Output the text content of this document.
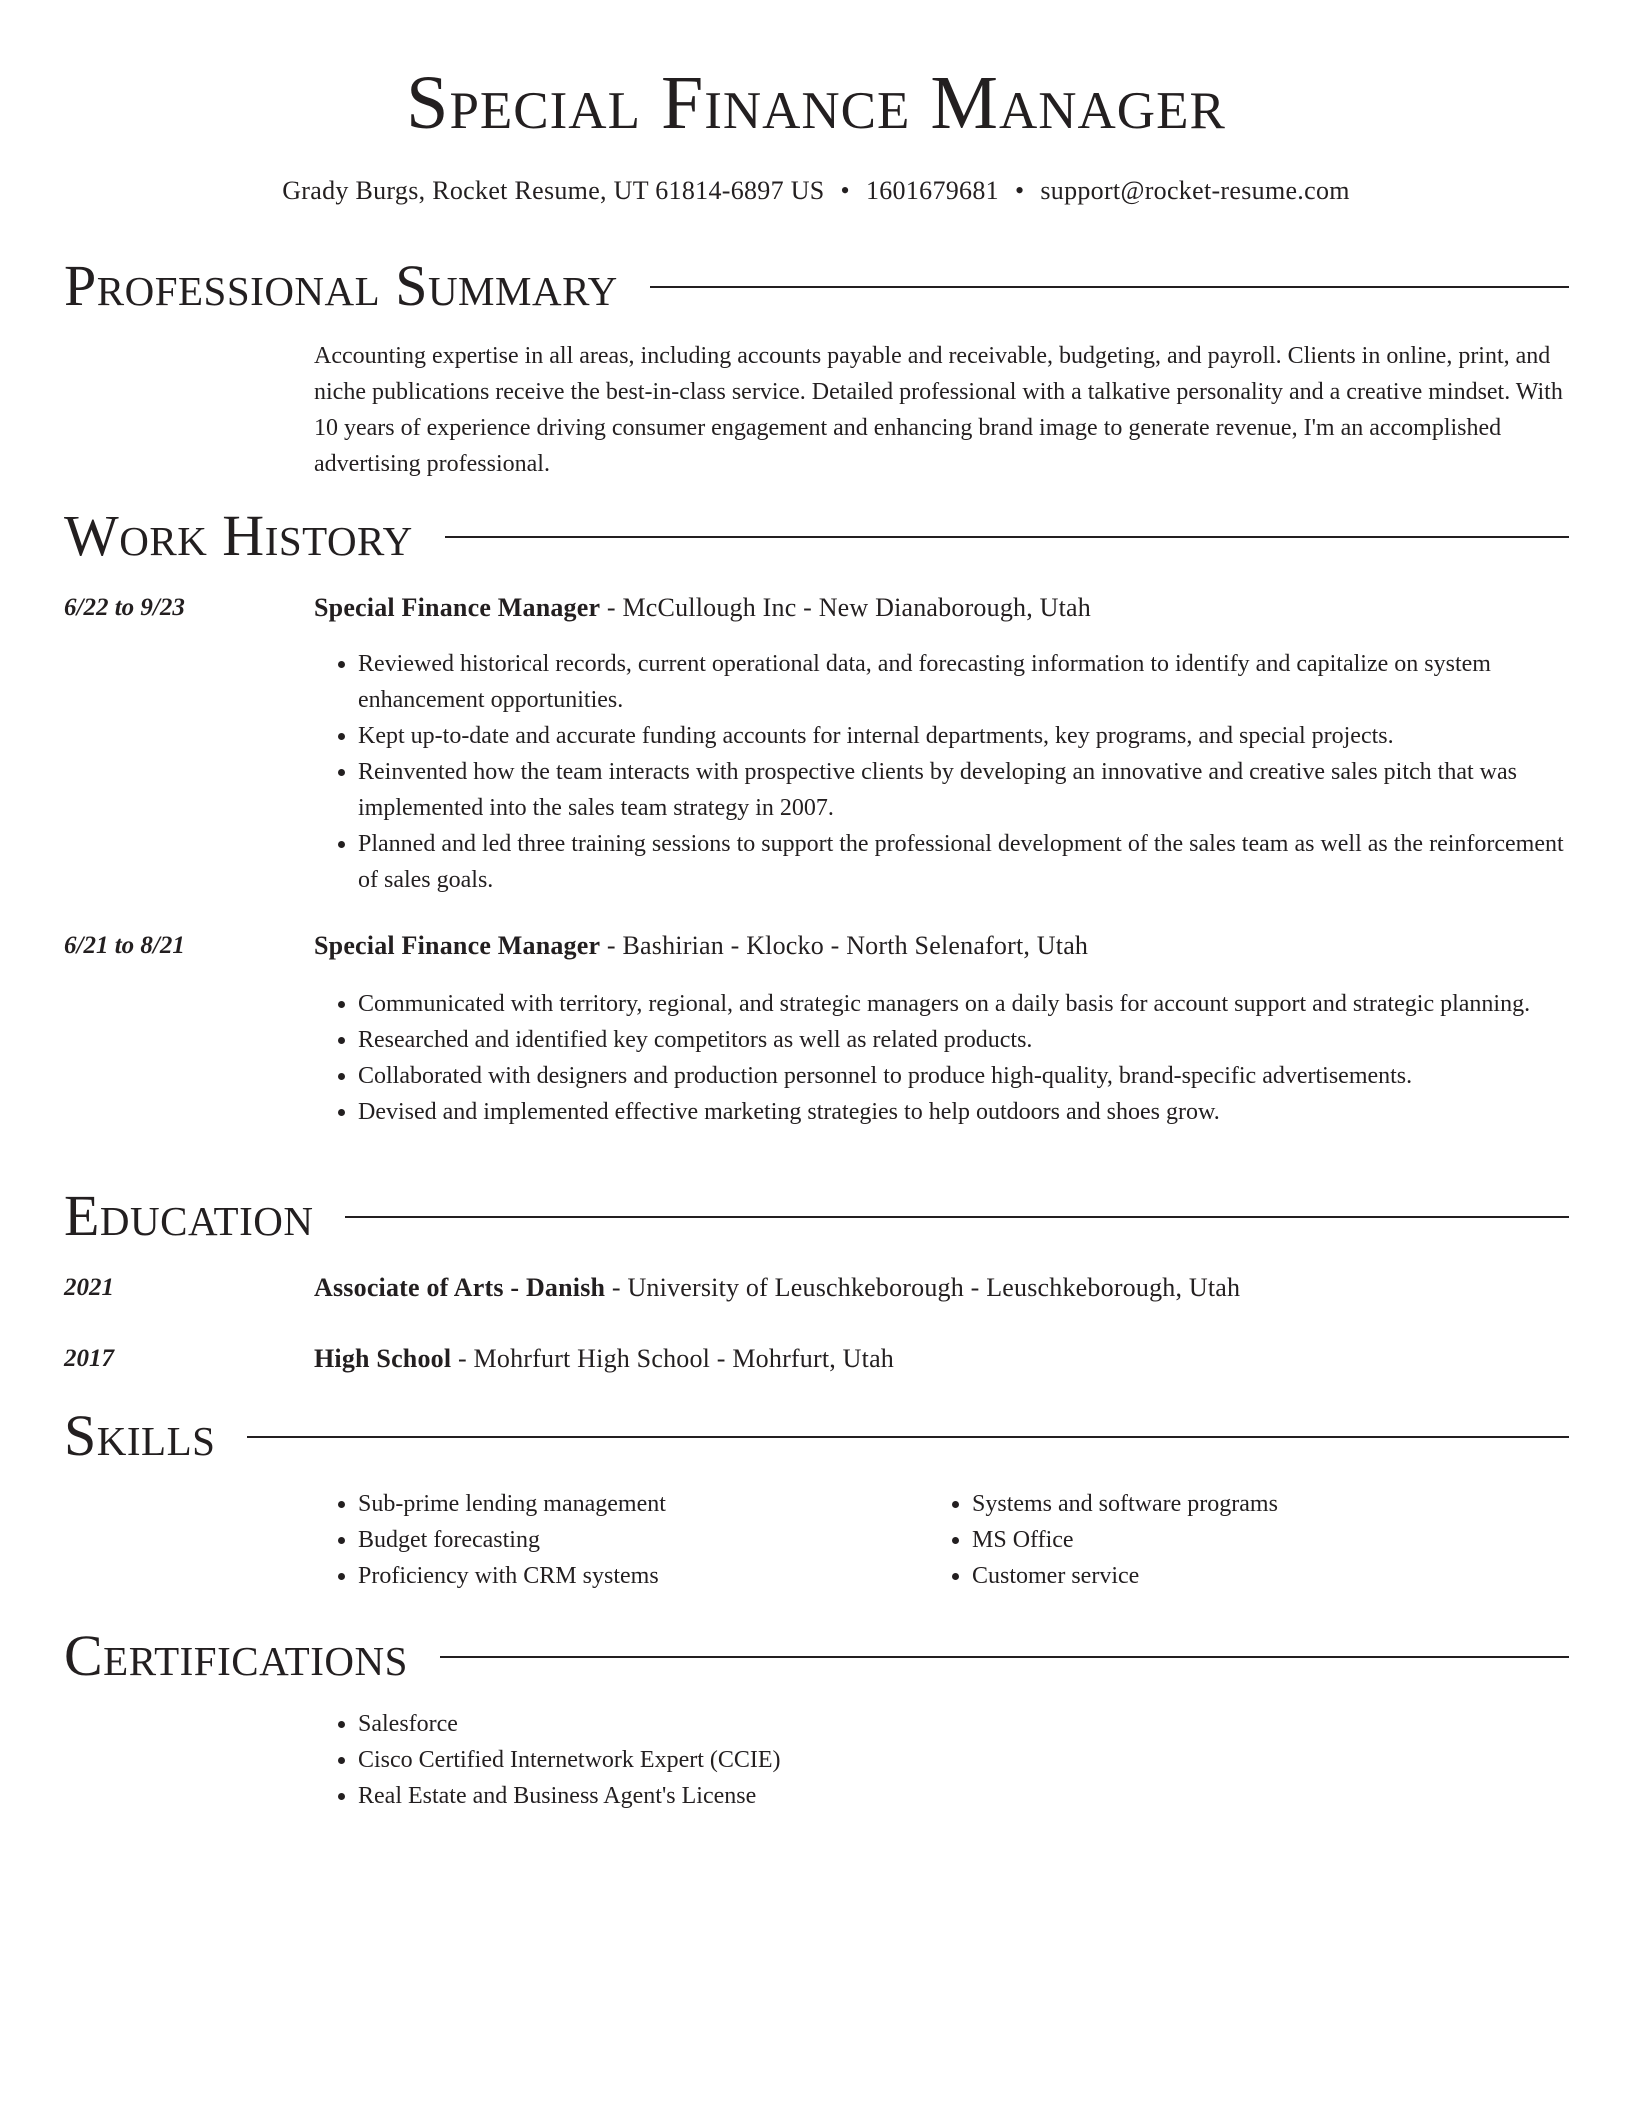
Special Finance Manager
Grady Burgs, Rocket Resume, UT 61814-6897 US • 1601679681 • support@rocket-resume.com
Professional Summary

Accounting expertise in all areas, including accounts payable and receivable, budgeting, and payroll. Clients in online, print, and niche publications receive the best-in-class service. Detailed professional with a talkative personality and a creative mindset. With 10 years of experience driving consumer engagement and enhancing brand image to generate revenue, I'm an accomplished advertising professional.

Work History
6/22 to 9/23	Special Finance Manager - McCullough Inc - New Dianaborough, Utah
• Reviewed historical records, current operational data, and forecasting information to identify and capitalize on system enhancement opportunities.
• Kept up-to-date and accurate funding accounts for internal departments, key programs, and special projects.
• Reinvented how the team interacts with prospective clients by developing an innovative and creative sales pitch that was implemented into the sales team strategy in 2007.
• Planned and led three training sessions to support the professional development of the sales team as well as the reinforcement of sales goals.
6/21 to 8/21	Special Finance Manager - Bashirian - Klocko - North Selenafort, Utah
• Communicated with territory, regional, and strategic managers on a daily basis for account support and strategic planning.
• Researched and identified key competitors as well as related products.
• Collaborated with designers and production personnel to produce high-quality, brand-specific advertisements.
• Devised and implemented effective marketing strategies to help outdoors and shoes grow.
Education
2021	Associate of Arts - Danish - University of Leuschkeborough - Leuschkeborough, Utah
2017	High School - Mohrfurt High School - Mohrfurt, Utah
Skills
• Sub-prime lending management
• Budget forecasting
• Proficiency with CRM systems
• Systems and software programs
• MS Office
• Customer service
Certifications
• Salesforce
• Cisco Certified Internetwork Expert (CCIE)
• Real Estate and Business Agent's License
